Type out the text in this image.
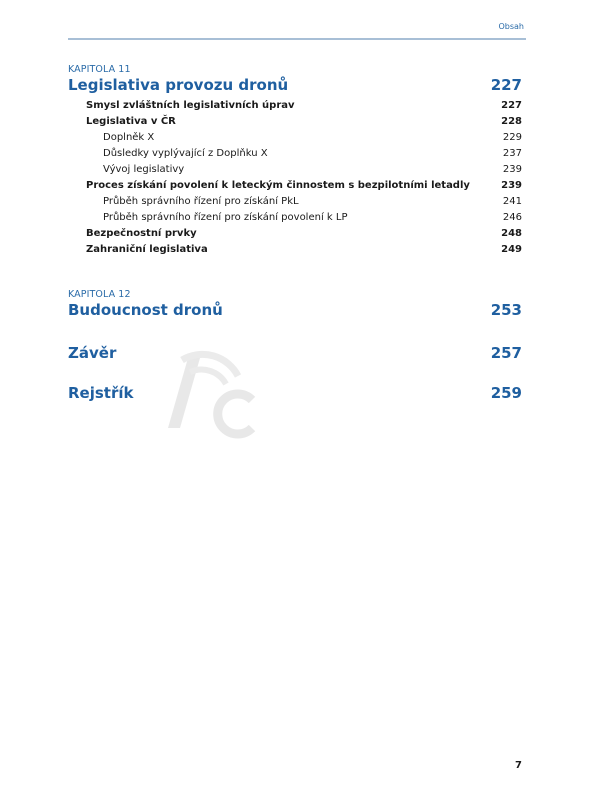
Obsah
KAPITOLA 11
Legislativa provozu dronů	227
Smysl zvláštních legislativních úprav	227
Legislativa v ČR	228
Doplněk X	229
Důsledky vyplývající z Doplňku X	237
Vývoj legislativy	239
Proces získání povolení k leteckým činnostem s bezpilotními letadly	239
Průběh správního řízení pro získání PkL	241
Průběh správního řízení pro získání povolení k LP	246
Bezpečnostní prvky	248
Zahraniční legislativa	249
KAPITOLA 12
Budoucnost dronů	253
Závěr	257
Rejstřík	259
7
